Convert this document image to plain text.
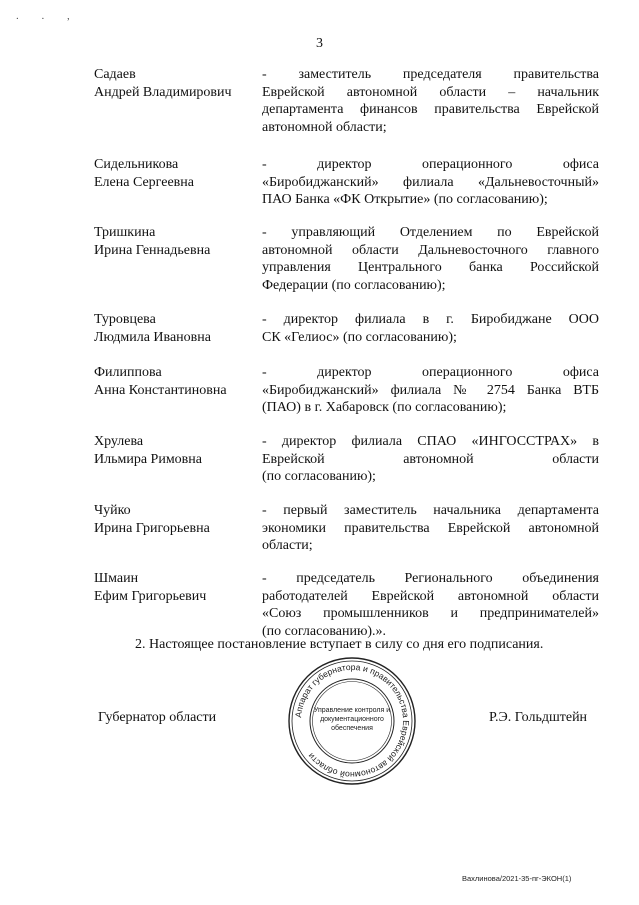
. . ,
3
Садаев
Андрей Владимирович
- заместитель председателя правительства
Еврейской автономной области – начальник
департамента финансов правительства Еврейской
автономной области;
Сидельникова
Елена Сергеевна
- директор операционного офиса
«Биробиджанский» филиала «Дальневосточный»
ПАО Банка «ФК Открытие» (по согласованию);
Тришкина
Ирина Геннадьевна
- управляющий Отделением по Еврейской
автономной области Дальневосточного главного
управления Центрального банка Российской
Федерации (по согласованию);
Туровцева
Людмила Ивановна
- директор филиала в г. Биробиджане ООО
СК «Гелиос» (по согласованию);
Филиппова
Анна Константиновна
- директор операционного офиса
«Биробиджанский» филиала № 2754 Банка ВТБ
(ПАО) в г. Хабаровск (по согласованию);
Хрулева
Ильмира Римовна
- директор филиала СПАО «ИНГОССТРАХ» в
Еврейской автономной области
(по согласованию);
Чуйко
Ирина Григорьевна
- первый заместитель начальника департамента
экономики правительства Еврейской автономной
области;
Шмаин
Ефим Григорьевич
- председатель Регионального объединения
работодателей Еврейской автономной области
«Союз промышленников и предпринимателей»
(по согласованию).».
2. Настоящее постановление вступает в силу со дня его подписания.
Губернатор области	Р.Э. Гольдштейн
Аппарат губернатора и правительства Еврейской автономной области
Управление контроля и
документационного
обеспечения
Вахлинова/2021-35-пг-ЭКОН(1)
